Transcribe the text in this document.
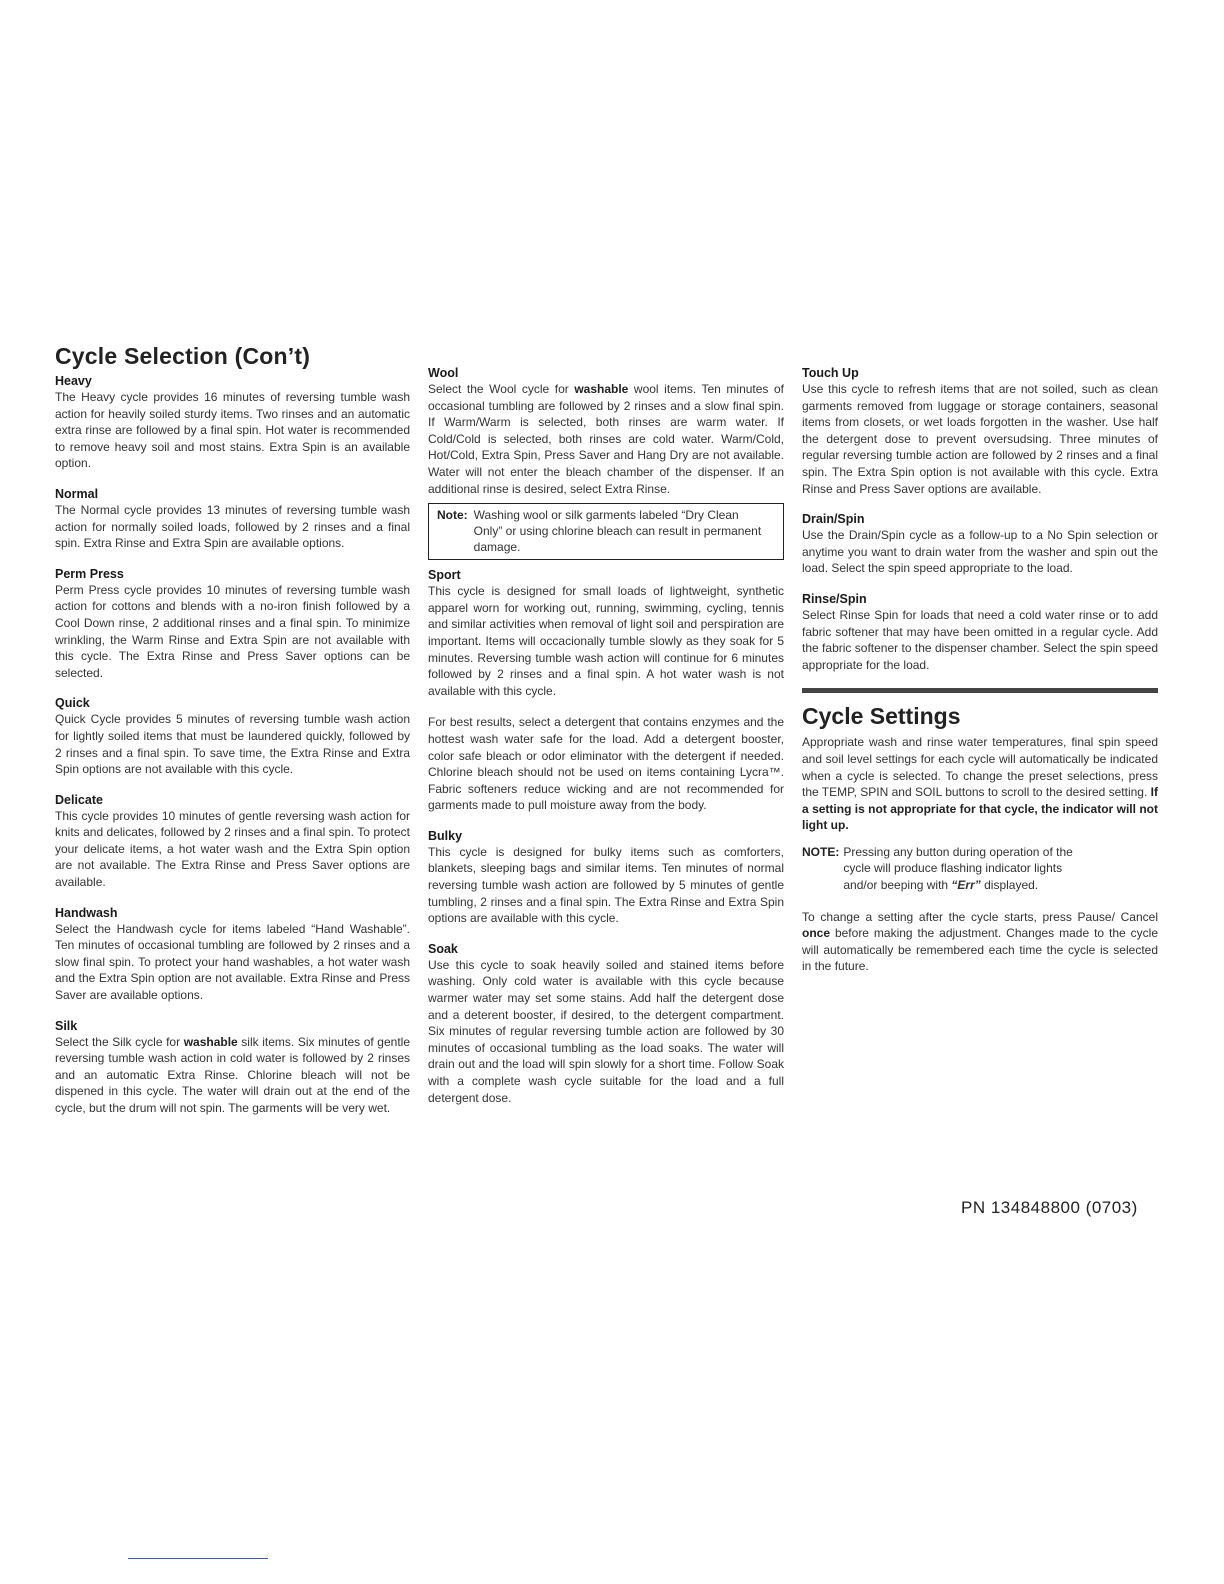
Cycle Selection (Con’t)
Heavy

The Heavy cycle provides 16 minutes of reversing tumble wash action for heavily soiled sturdy items. Two rinses and an automatic extra rinse are followed by a final spin. Hot water is recommended to remove heavy soil and most stains. Extra Spin is an available option.

Normal

The Normal cycle provides 13 minutes of reversing tumble wash action for normally soiled loads, followed by 2 rinses and a final spin. Extra Rinse and Extra Spin are available options.

Perm Press

Perm Press cycle provides 10 minutes of reversing tumble wash action for cottons and blends with a no-iron finish followed by a Cool Down rinse, 2 additional rinses and a final spin. To minimize wrinkling, the Warm Rinse and Extra Spin are not available with this cycle. The Extra Rinse and Press Saver options can be selected.

Quick

Quick Cycle provides 5 minutes of reversing tumble wash action for lightly soiled items that must be laundered quickly, followed by 2 rinses and a final spin. To save time, the Extra Rinse and Extra Spin options are not available with this cycle.

Delicate

This cycle provides 10 minutes of gentle reversing wash action for knits and delicates, followed by 2 rinses and a final spin. To protect your delicate items, a hot water wash and the Extra Spin option are not available. The Extra Rinse and Press Saver options are available.

Handwash

Select the Handwash cycle for items labeled “Hand Washable”. Ten minutes of occasional tumbling are followed by 2 rinses and a slow final spin. To protect your hand washables, a hot water wash and the Extra Spin option are not available. Extra Rinse and Press Saver are available options.

Silk

Select the Silk cycle for washable silk items. Six minutes of gentle reversing tumble wash action in cold water is followed by 2 rinses and an automatic Extra Rinse. Chlorine bleach will not be dispened in this cycle. The water will drain out at the end of the cycle, but the drum will not spin. The garments will be very wet.

Wool

Select the Wool cycle for washable wool items. Ten minutes of occasional tumbling are followed by 2 rinses and a slow final spin. If Warm/Warm is selected, both rinses are warm water. If Cold/Cold is selected, both rinses are cold water. Warm/Cold, Hot/Cold, Extra Spin, Press Saver and Hang Dry are not available. Water will not enter the bleach chamber of the dispenser. If an additional rinse is desired, select Extra Rinse.

Note: Washing wool or silk garments labeled “Dry Clean Only” or using chlorine bleach can result in permanent damage.
Sport

This cycle is designed for small loads of lightweight, synthetic apparel worn for working out, running, swimming, cycling, tennis and similar activities when removal of light soil and perspiration are important. Items will occacionally tumble slowly as they soak for 5 minutes. Reversing tumble wash action will continue for 6 minutes followed by 2 rinses and a final spin. A hot water wash is not available with this cycle.

For best results, select a detergent that contains enzymes and the hottest wash water safe for the load. Add a detergent booster, color safe bleach or odor eliminator with the detergent if needed. Chlorine bleach should not be used on items containing Lycra™. Fabric softeners reduce wicking and are not recommended for garments made to pull moisture away from the body.

Bulky

This cycle is designed for bulky items such as comforters, blankets, sleeping bags and similar items. Ten minutes of normal reversing tumble wash action are followed by 5 minutes of gentle tumbling, 2 rinses and a final spin. The Extra Rinse and Extra Spin options are available with this cycle.

Soak

Use this cycle to soak heavily soiled and stained items before washing. Only cold water is available with this cycle because warmer water may set some stains. Add half the detergent dose and a deterent booster, if desired, to the detergent compartment. Six minutes of regular reversing tumble action are followed by 30 minutes of occasional tumbling as the load soaks. The water will drain out and the load will spin slowly for a short time. Follow Soak with a complete wash cycle suitable for the load and a full detergent dose.

Touch Up

Use this cycle to refresh items that are not soiled, such as clean garments removed from luggage or storage containers, seasonal items from closets, or wet loads forgotten in the washer. Use half the detergent dose to prevent oversudsing. Three minutes of regular reversing tumble action are followed by 2 rinses and a final spin. The Extra Spin option is not available with this cycle. Extra Rinse and Press Saver options are available.

Drain/Spin

Use the Drain/Spin cycle as a follow-up to a No Spin selection or anytime you want to drain water from the washer and spin out the load. Select the spin speed appropriate to the load.

Rinse/Spin

Select Rinse Spin for loads that need a cold water rinse or to add fabric softener that may have been omitted in a regular cycle. Add the fabric softener to the dispenser chamber. Select the spin speed appropriate for the load.

Cycle Settings

Appropriate wash and rinse water temperatures, final spin speed and soil level settings for each cycle will automatically be indicated when a cycle is selected. To change the preset selections, press the TEMP, SPIN and SOIL buttons to scroll to the desired setting. If a setting is not appropriate for that cycle, the indicator will not light up.

NOTE: Pressing any button during operation of the cycle will produce flashing indicator lights and/or beeping with “Err” displayed.

To change a setting after the cycle starts, press Pause/ Cancel once before making the adjustment. Changes made to the cycle will automatically be remembered each time the cycle is selected in the future.

PN 134848800 (0703)
